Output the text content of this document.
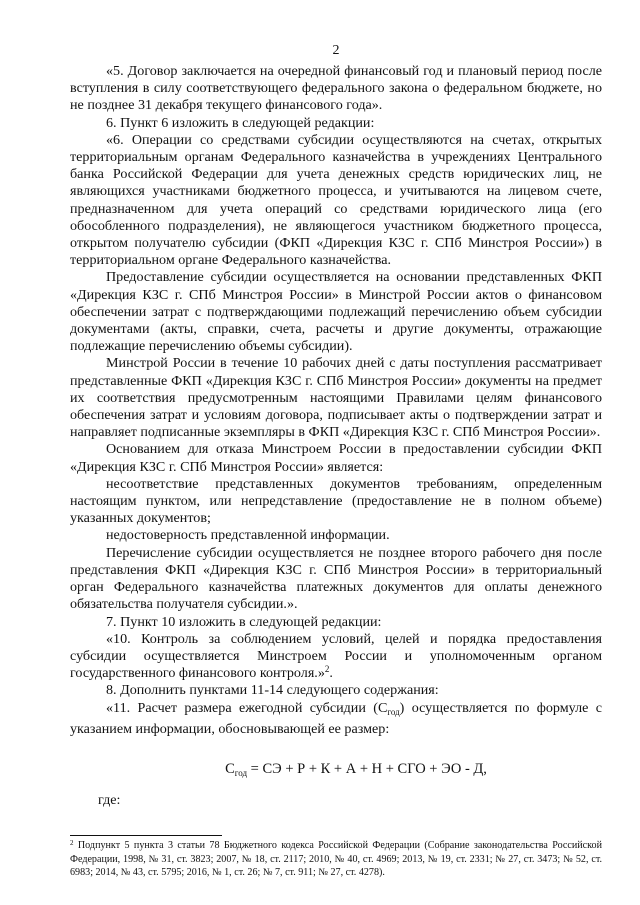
2

«5. Договор заключается на очередной финансовый год и плановый период после вступления в силу соответствующего федерального закона о федеральном бюджете, но не позднее 31 декабря текущего финансового года».

6. Пункт 6 изложить в следующей редакции:

«6. Операции со средствами субсидии осуществляются на счетах, открытых территориальным органам Федерального казначейства в учреждениях Центрального банка Российской Федерации для учета денежных средств юридических лиц, не являющихся участниками бюджетного процесса, и учитываются на лицевом счете, предназначенном для учета операций со средствами юридического лица (его обособленного подразделения), не являющегося участником бюджетного процесса, открытом получателю субсидии (ФКП «Дирекция КЗС г. СПб Минстроя России») в территориальном органе Федерального казначейства.

Предоставление субсидии осуществляется на основании представленных ФКП «Дирекция КЗС г. СПб Минстроя России» в Минстрой России актов о финансовом обеспечении затрат с подтверждающими подлежащий перечислению объем субсидии документами (акты, справки, счета, расчеты и другие документы, отражающие подлежащие перечислению объемы субсидии).

Минстрой России в течение 10 рабочих дней с даты поступления рассматривает представленные ФКП «Дирекция КЗС г. СПб Минстроя России» документы на предмет их соответствия предусмотренным настоящими Правилами целям финансового обеспечения затрат и условиям договора, подписывает акты о подтверждении затрат и направляет подписанные экземпляры в ФКП «Дирекция КЗС г. СПб Минстроя России».

Основанием для отказа Минстроем России в предоставлении субсидии ФКП «Дирекция КЗС г. СПб Минстроя России» является:

несоответствие представленных документов требованиям, определенным настоящим пунктом, или непредставление (предоставление не в полном объеме) указанных документов;

недостоверность представленной информации.

Перечисление субсидии осуществляется не позднее второго рабочего дня после представления ФКП «Дирекция КЗС г. СПб Минстроя России» в территориальный орган Федерального казначейства платежных документов для оплаты денежного обязательства получателя субсидии.».

7. Пункт 10 изложить в следующей редакции:

«10. Контроль за соблюдением условий, целей и порядка предоставления субсидии осуществляется Минстроем России и уполномоченным органом государственного финансового контроля.»$^2$.

8. Дополнить пунктами 11-14 следующего содержания:

«11. Расчет размера ежегодной субсидии $(С_{год})$ осуществляется по формуле с указанием информации, обосновывающей ее размер:

$С_{год}$ = СЭ + Р + К + А + Н + СГО + ЭО - Д,

где:

$^2$ Подпункт 5 пункта 3 статьи 78 Бюджетного кодекса Российской Федерации (Собрание законодательства Российской Федерации, 1998, № 31, ст. 3823; 2007, № 18, ст. 2117; 2010, № 40, ст. 4969; 2013, № 19, ст. 2331; № 27, ст. 3473; № 52, ст. 6983; 2014, № 43, ст. 5795; 2016, № 1, ст. 26; № 7, ст. 911; № 27, ст. 4278).
